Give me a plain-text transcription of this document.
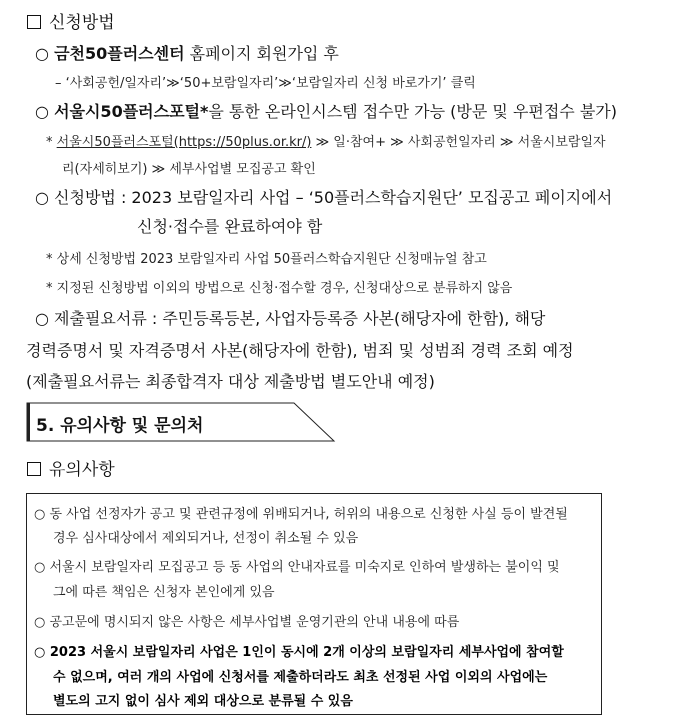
신청방법
○ 금천50플러스센터 홈페이지 회원가입 후
– ‘사회공헌/일자리’≫‘50+보람일자리’≫‘보람일자리 신청 바로가기’ 클릭
○ 서울시50플러스포털*을 통한 온라인시스템 접수만 가능 (방문 및 우편접수 불가)
* 서울시50플러스포털(https://50plus.or.kr/) ≫ 일·참여+ ≫ 사회공헌일자리 ≫ 서울시보람일자
리(자세히보기) ≫ 세부사업별 모집공고 확인
○ 신청방법 : 2023 보람일자리 사업 – ‘50플러스학습지원단’ 모집공고 페이지에서
신청·접수를 완료하여야 함
* 상세 신청방법 2023 보람일자리 사업 50플러스학습지원단 신청매뉴얼 참고
* 지정된 신청방법 이외의 방법으로 신청·접수할 경우, 신청대상으로 분류하지 않음
○ 제출필요서류 : 주민등록등본, 사업자등록증 사본(해당자에 한함), 해당
경력증명서 및 자격증명서 사본(해당자에 한함), 범죄 및 성범죄 경력 조회 예정
(제출필요서류는 최종합격자 대상 제출방법 별도안내 예정)
5. 유의사항 및 문의처
유의사항
○ 동 사업 선정자가 공고 및 관련규정에 위배되거나, 허위의 내용으로 신청한 사실 등이 발견될
경우 심사대상에서 제외되거나, 선정이 취소될 수 있음
○ 서울시 보람일자리 모집공고 등 동 사업의 안내자료를 미숙지로 인하여 발생하는 불이익 및
그에 따른 책임은 신청자 본인에게 있음
○ 공고문에 명시되지 않은 사항은 세부사업별 운영기관의 안내 내용에 따름
○ 2023 서울시 보람일자리 사업은 1인이 동시에 2개 이상의 보람일자리 세부사업에 참여할
수 없으며, 여러 개의 사업에 신청서를 제출하더라도 최초 선정된 사업 이외의 사업에는
별도의 고지 없이 심사 제외 대상으로 분류될 수 있음
